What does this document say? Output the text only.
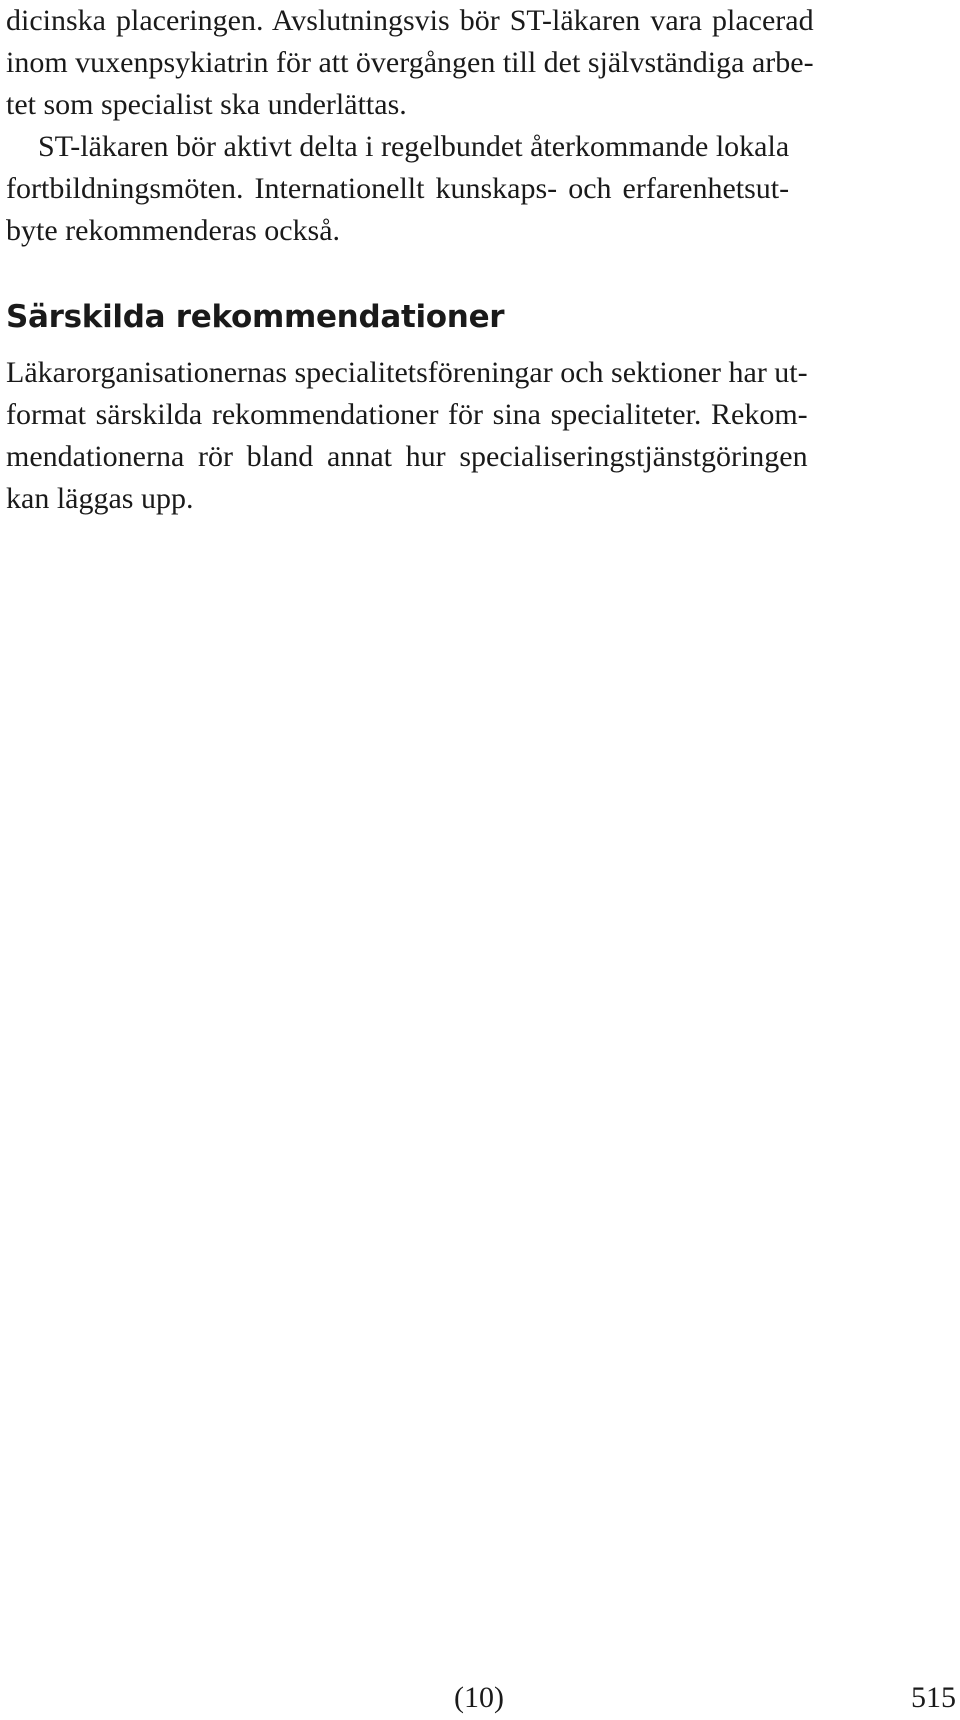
dicinska placeringen. Avslutningsvis bör ST-läkaren vara placerad
inom vuxenpsykiatrin för att övergången till det självständiga arbe-
tet som specialist ska underlättas.

ST-läkaren bör aktivt delta i regelbundet återkommande lokala
fortbildningsmöten. Internationellt kunskaps- och erfarenhetsut-
byte rekommenderas också.

Särskilda rekommendationer

Läkarorganisationernas specialitetsföreningar och sektioner har ut-
format särskilda rekommendationer för sina specialiteter. Rekom-
mendationerna rör bland annat hur specialiseringstjänstgöringen
kan läggas upp.

(10)	515
